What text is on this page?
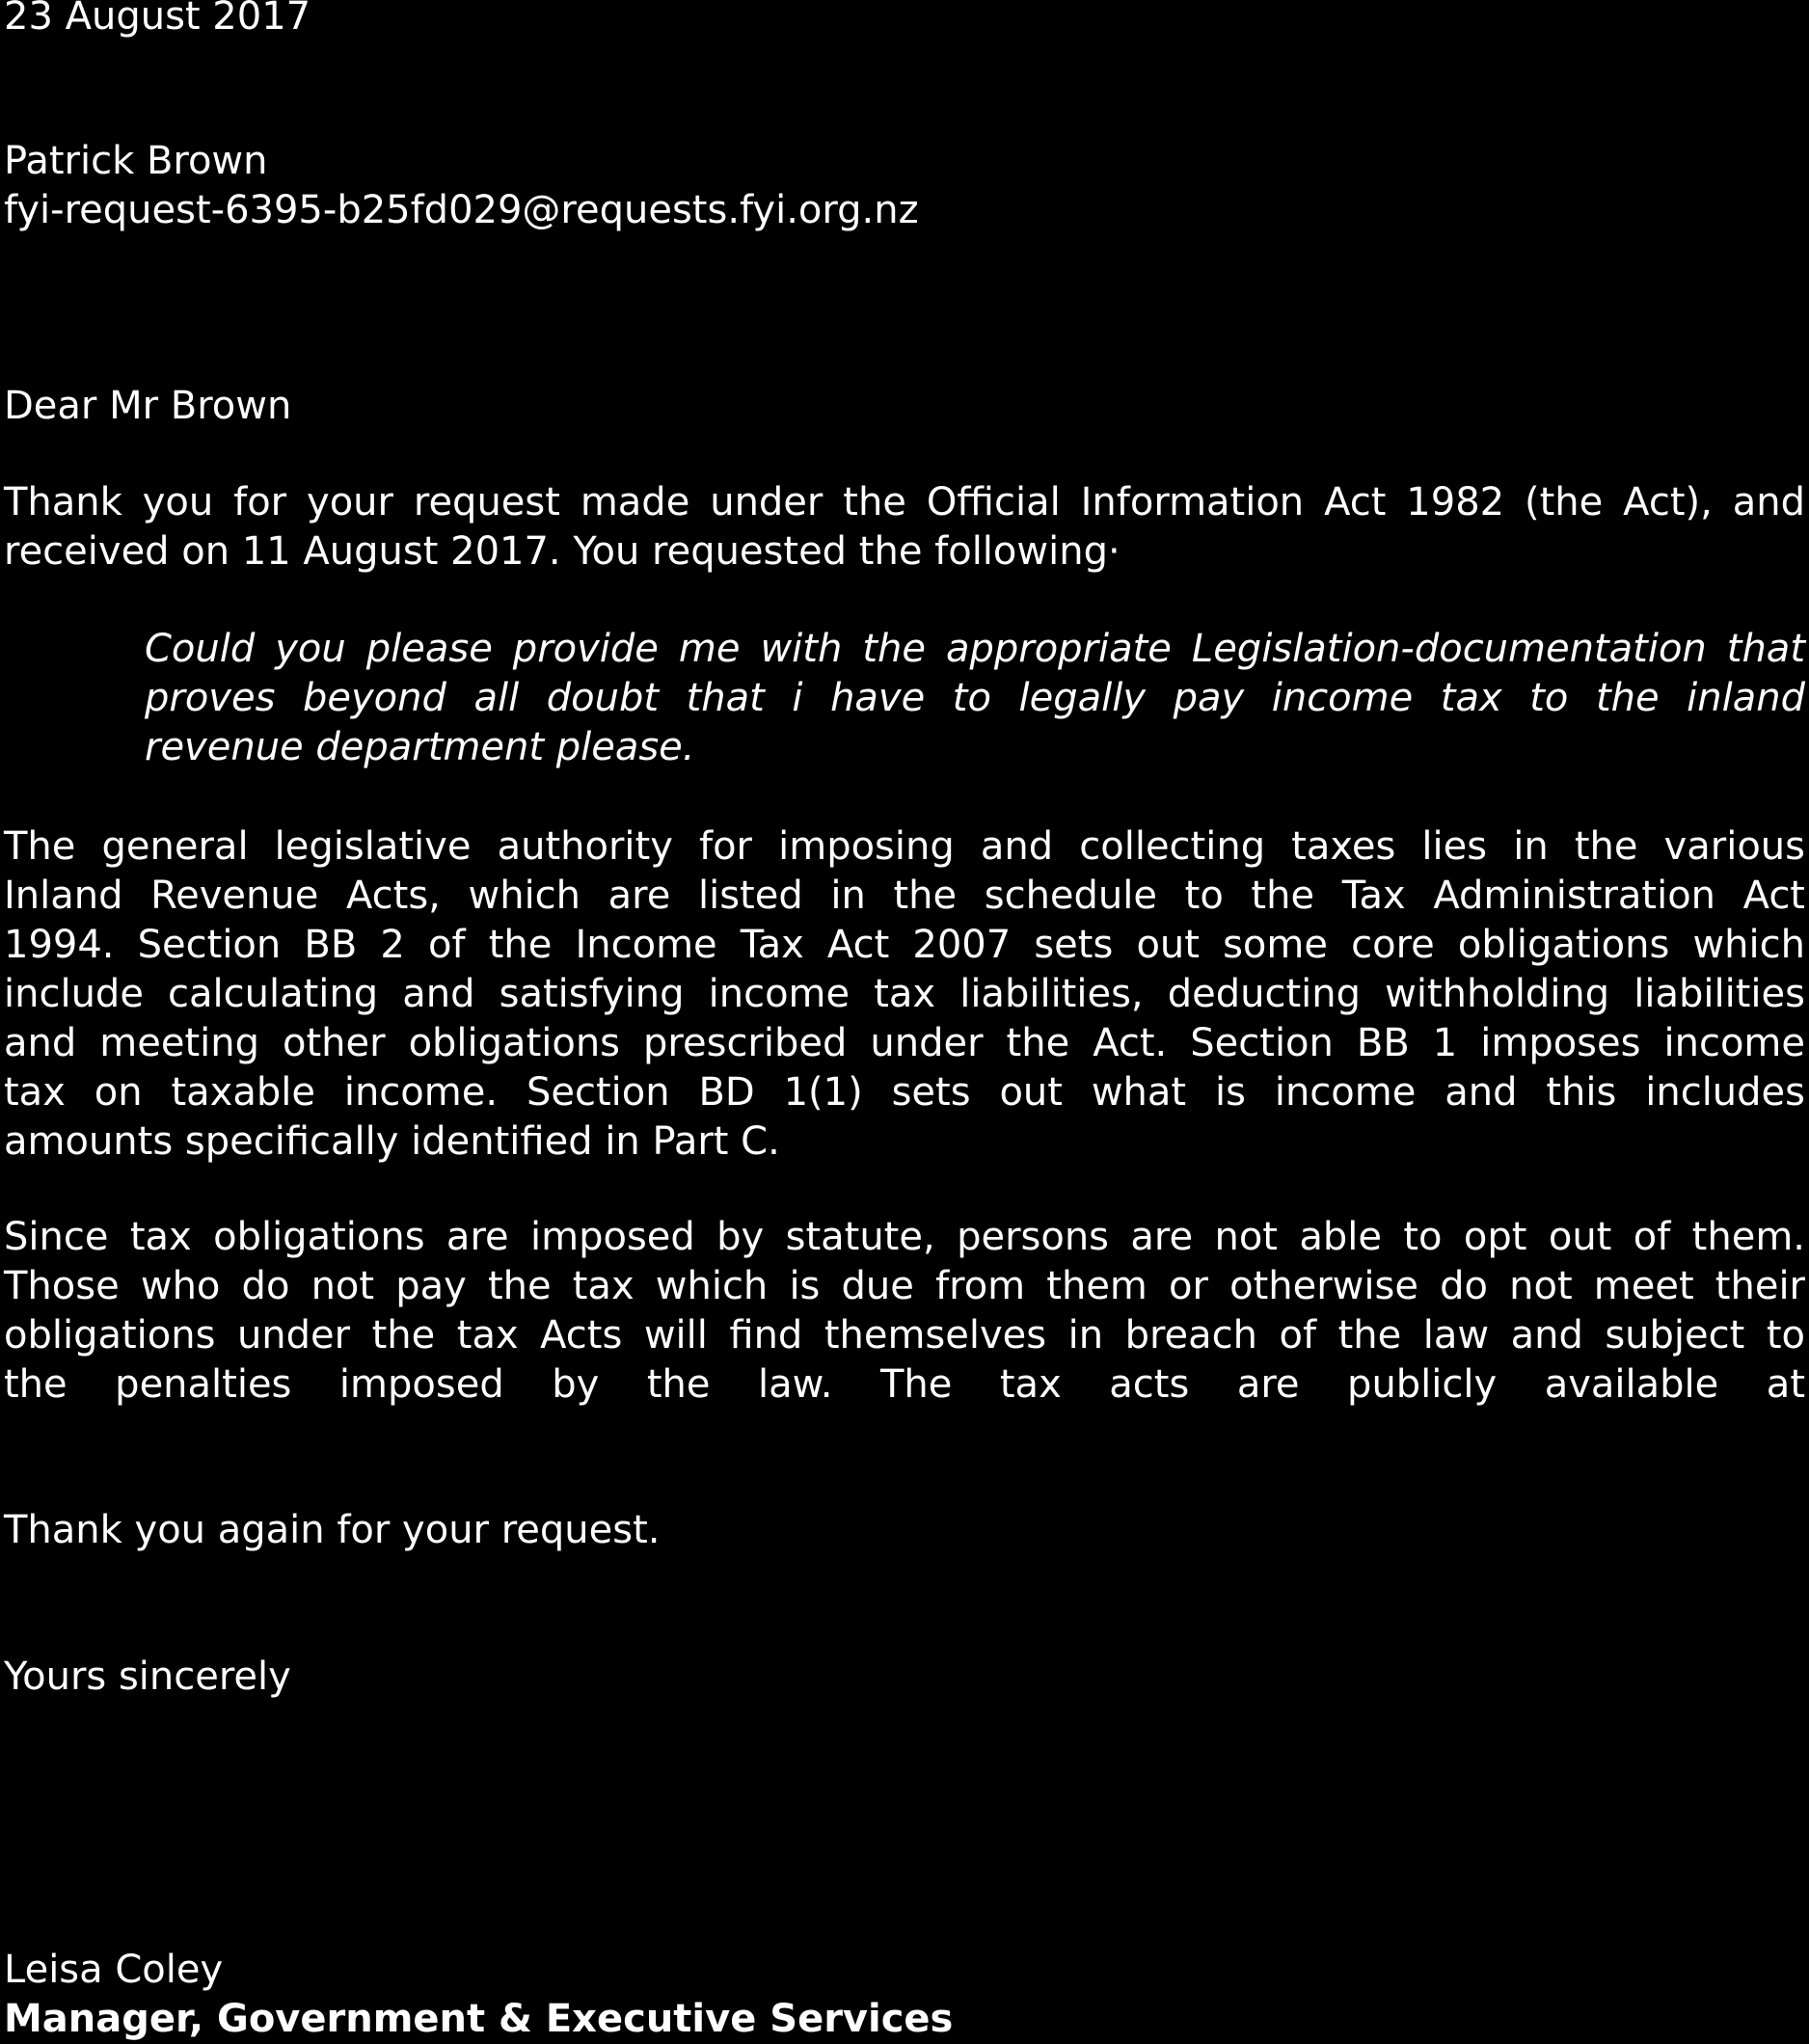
23 August 2017
Patrick Brown
fyi-request-6395-b25fd029@requests.fyi.org.nz
Dear Mr Brown
Thank you for your request made under the Official Information Act 1982 (the Act), and
received on 11 August 2017. You requested the following·
Could you please provide me with the appropriate Legislation-documentation that
proves beyond all doubt that i have to legally pay income tax to the inland
revenue department please.
The general legislative authority for imposing and collecting taxes lies in the various
Inland Revenue Acts, which are listed in the schedule to the Tax Administration Act
1994. Section BB 2 of the Income Tax Act 2007 sets out some core obligations which
include calculating and satisfying income tax liabilities, deducting withholding liabilities
and meeting other obligations prescribed under the Act. Section BB 1 imposes income
tax on taxable income. Section BD 1(1) sets out what is income and this includes
amounts specifically identified in Part C.
Since tax obligations are imposed by statute, persons are not able to opt out of them.
Those who do not pay the tax which is due from them or otherwise do not meet their
obligations under the tax Acts will find themselves in breach of the law and subject to
the penalties imposed by the law. The tax acts are publicly available at
Thank you again for your request.
Yours sincerely
Leisa Coley
Manager, Government & Executive Services
